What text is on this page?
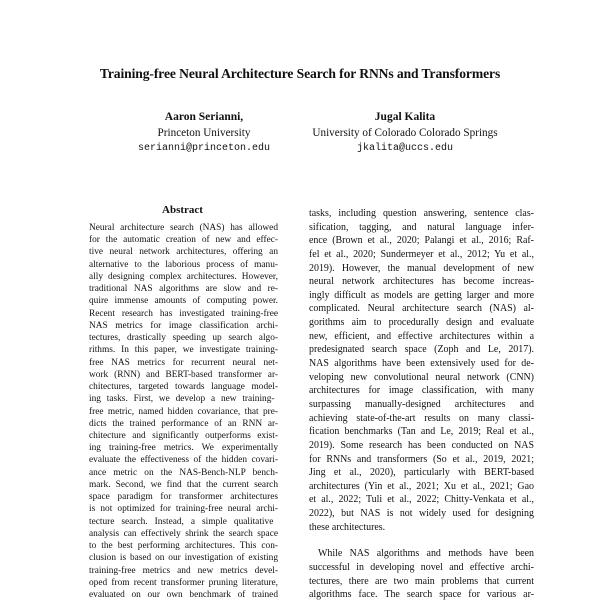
Training-free Neural Architecture Search for RNNs and Transformers
Aaron Serianni,
Princeton University
serianni@princeton.edu
Jugal Kalita
University of Colorado Colorado Springs
jkalita@uccs.edu
Abstract
Neural architecture search (NAS) has allowed
for the automatic creation of new and effec-
tive neural network architectures, offering an
alternative to the laborious process of manu-
ally designing complex architectures. However,
traditional NAS algorithms are slow and re-
quire immense amounts of computing power.
Recent research has investigated training-free
NAS metrics for image classification archi-
tectures, drastically speeding up search algo-
rithms. In this paper, we investigate training-
free NAS metrics for recurrent neural net-
work (RNN) and BERT-based transformer ar-
chitectures, targeted towards language model-
ing tasks. First, we develop a new training-
free metric, named hidden covariance, that pre-
dicts the trained performance of an RNN ar-
chitecture and significantly outperforms exist-
ing training-free metrics. We experimentally
evaluate the effectiveness of the hidden covari-
ance metric on the NAS-Bench-NLP bench-
mark. Second, we find that the current search
space paradigm for transformer architectures
is not optimized for training-free neural archi-
tecture search. Instead, a simple qualitative
analysis can effectively shrink the search space
to the best performing architectures. This con-
clusion is based on our investigation of existing
training-free metrics and new metrics devel-
oped from recent transformer pruning literature,
evaluated on our own benchmark of trained
tasks, including question answering, sentence clas-
sification, tagging, and natural language infer-
ence (Brown et al., 2020; Palangi et al., 2016; Raf-
fel et al., 2020; Sundermeyer et al., 2012; Yu et al.,
2019). However, the manual development of new
neural network architectures has become increas-
ingly difficult as models are getting larger and more
complicated. Neural architecture search (NAS) al-
gorithms aim to procedurally design and evaluate
new, efficient, and effective architectures within a
predesignated search space (Zoph and Le, 2017).
NAS algorithms have been extensively used for de-
veloping new convolutional neural network (CNN)
architectures for image classification, with many
surpassing manually-designed architectures and
achieving state-of-the-art results on many classi-
fication benchmarks (Tan and Le, 2019; Real et al.,
2019). Some research has been conducted on NAS
for RNNs and transformers (So et al., 2019, 2021;
Jing et al., 2020), particularly with BERT-based
architectures (Yin et al., 2021; Xu et al., 2021; Gao
et al., 2022; Tuli et al., 2022; Chitty-Venkata et al.,
2022), but NAS is not widely used for designing
these architectures.
While NAS algorithms and methods have been
successful in developing novel and effective archi-
tectures, there are two main problems that current
algorithms face. The search space for various ar-
